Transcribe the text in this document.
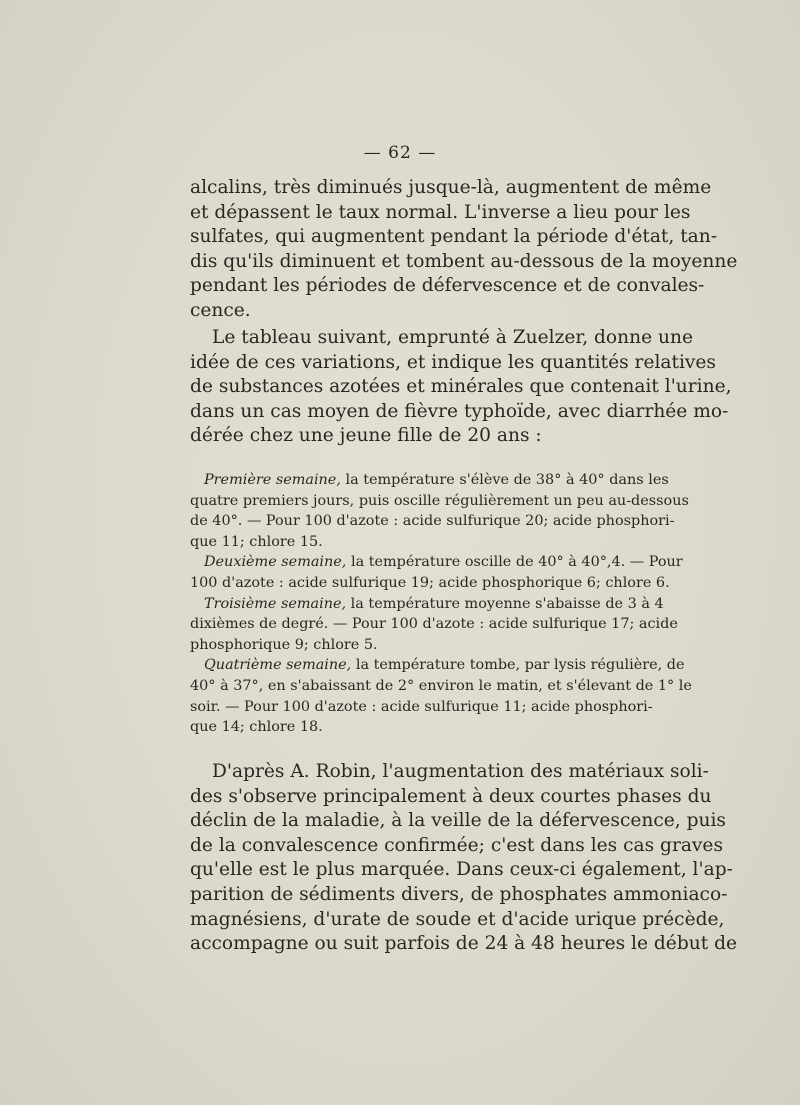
— 62 —

alcalins, très diminués jusque-là, augmentent de même
et dépassent le taux normal. L'inverse a lieu pour les
sulfates, qui augmentent pendant la période d'état, tan-
dis qu'ils diminuent et tombent au-dessous de la moyenne
pendant les périodes de défervescence et de convales-
cence.

Le tableau suivant, emprunté à Zuelzer, donne une
idée de ces variations, et indique les quantités relatives
de substances azotées et minérales que contenait l'urine,
dans un cas moyen de fièvre typhoïde, avec diarrhée mo-
dérée chez une jeune fille de 20 ans :

Première semaine, la température s'élève de 38° à 40° dans les
quatre premiers jours, puis oscille régulièrement un peu au-dessous
de 40°. — Pour 100 d'azote : acide sulfurique 20; acide phosphori-
que 11; chlore 15.

Deuxième semaine, la température oscille de 40° à 40°,4. — Pour
100 d'azote : acide sulfurique 19; acide phosphorique 6; chlore 6.

Troisième semaine, la température moyenne s'abaisse de 3 à 4
dixièmes de degré. — Pour 100 d'azote : acide sulfurique 17; acide
phosphorique 9; chlore 5.

Quatrième semaine, la température tombe, par lysis régulière, de
40° à 37°, en s'abaissant de 2° environ le matin, et s'élevant de 1° le
soir. — Pour 100 d'azote : acide sulfurique 11; acide phosphori-
que 14; chlore 18.

D'après A. Robin, l'augmentation des matériaux soli-
des s'observe principalement à deux courtes phases du
déclin de la maladie, à la veille de la défervescence, puis
de la convalescence confirmée; c'est dans les cas graves
qu'elle est le plus marquée. Dans ceux-ci également, l'ap-
parition de sédiments divers, de phosphates ammoniaco-
magnésiens, d'urate de soude et d'acide urique précède,
accompagne ou suit parfois de 24 à 48 heures le début de
